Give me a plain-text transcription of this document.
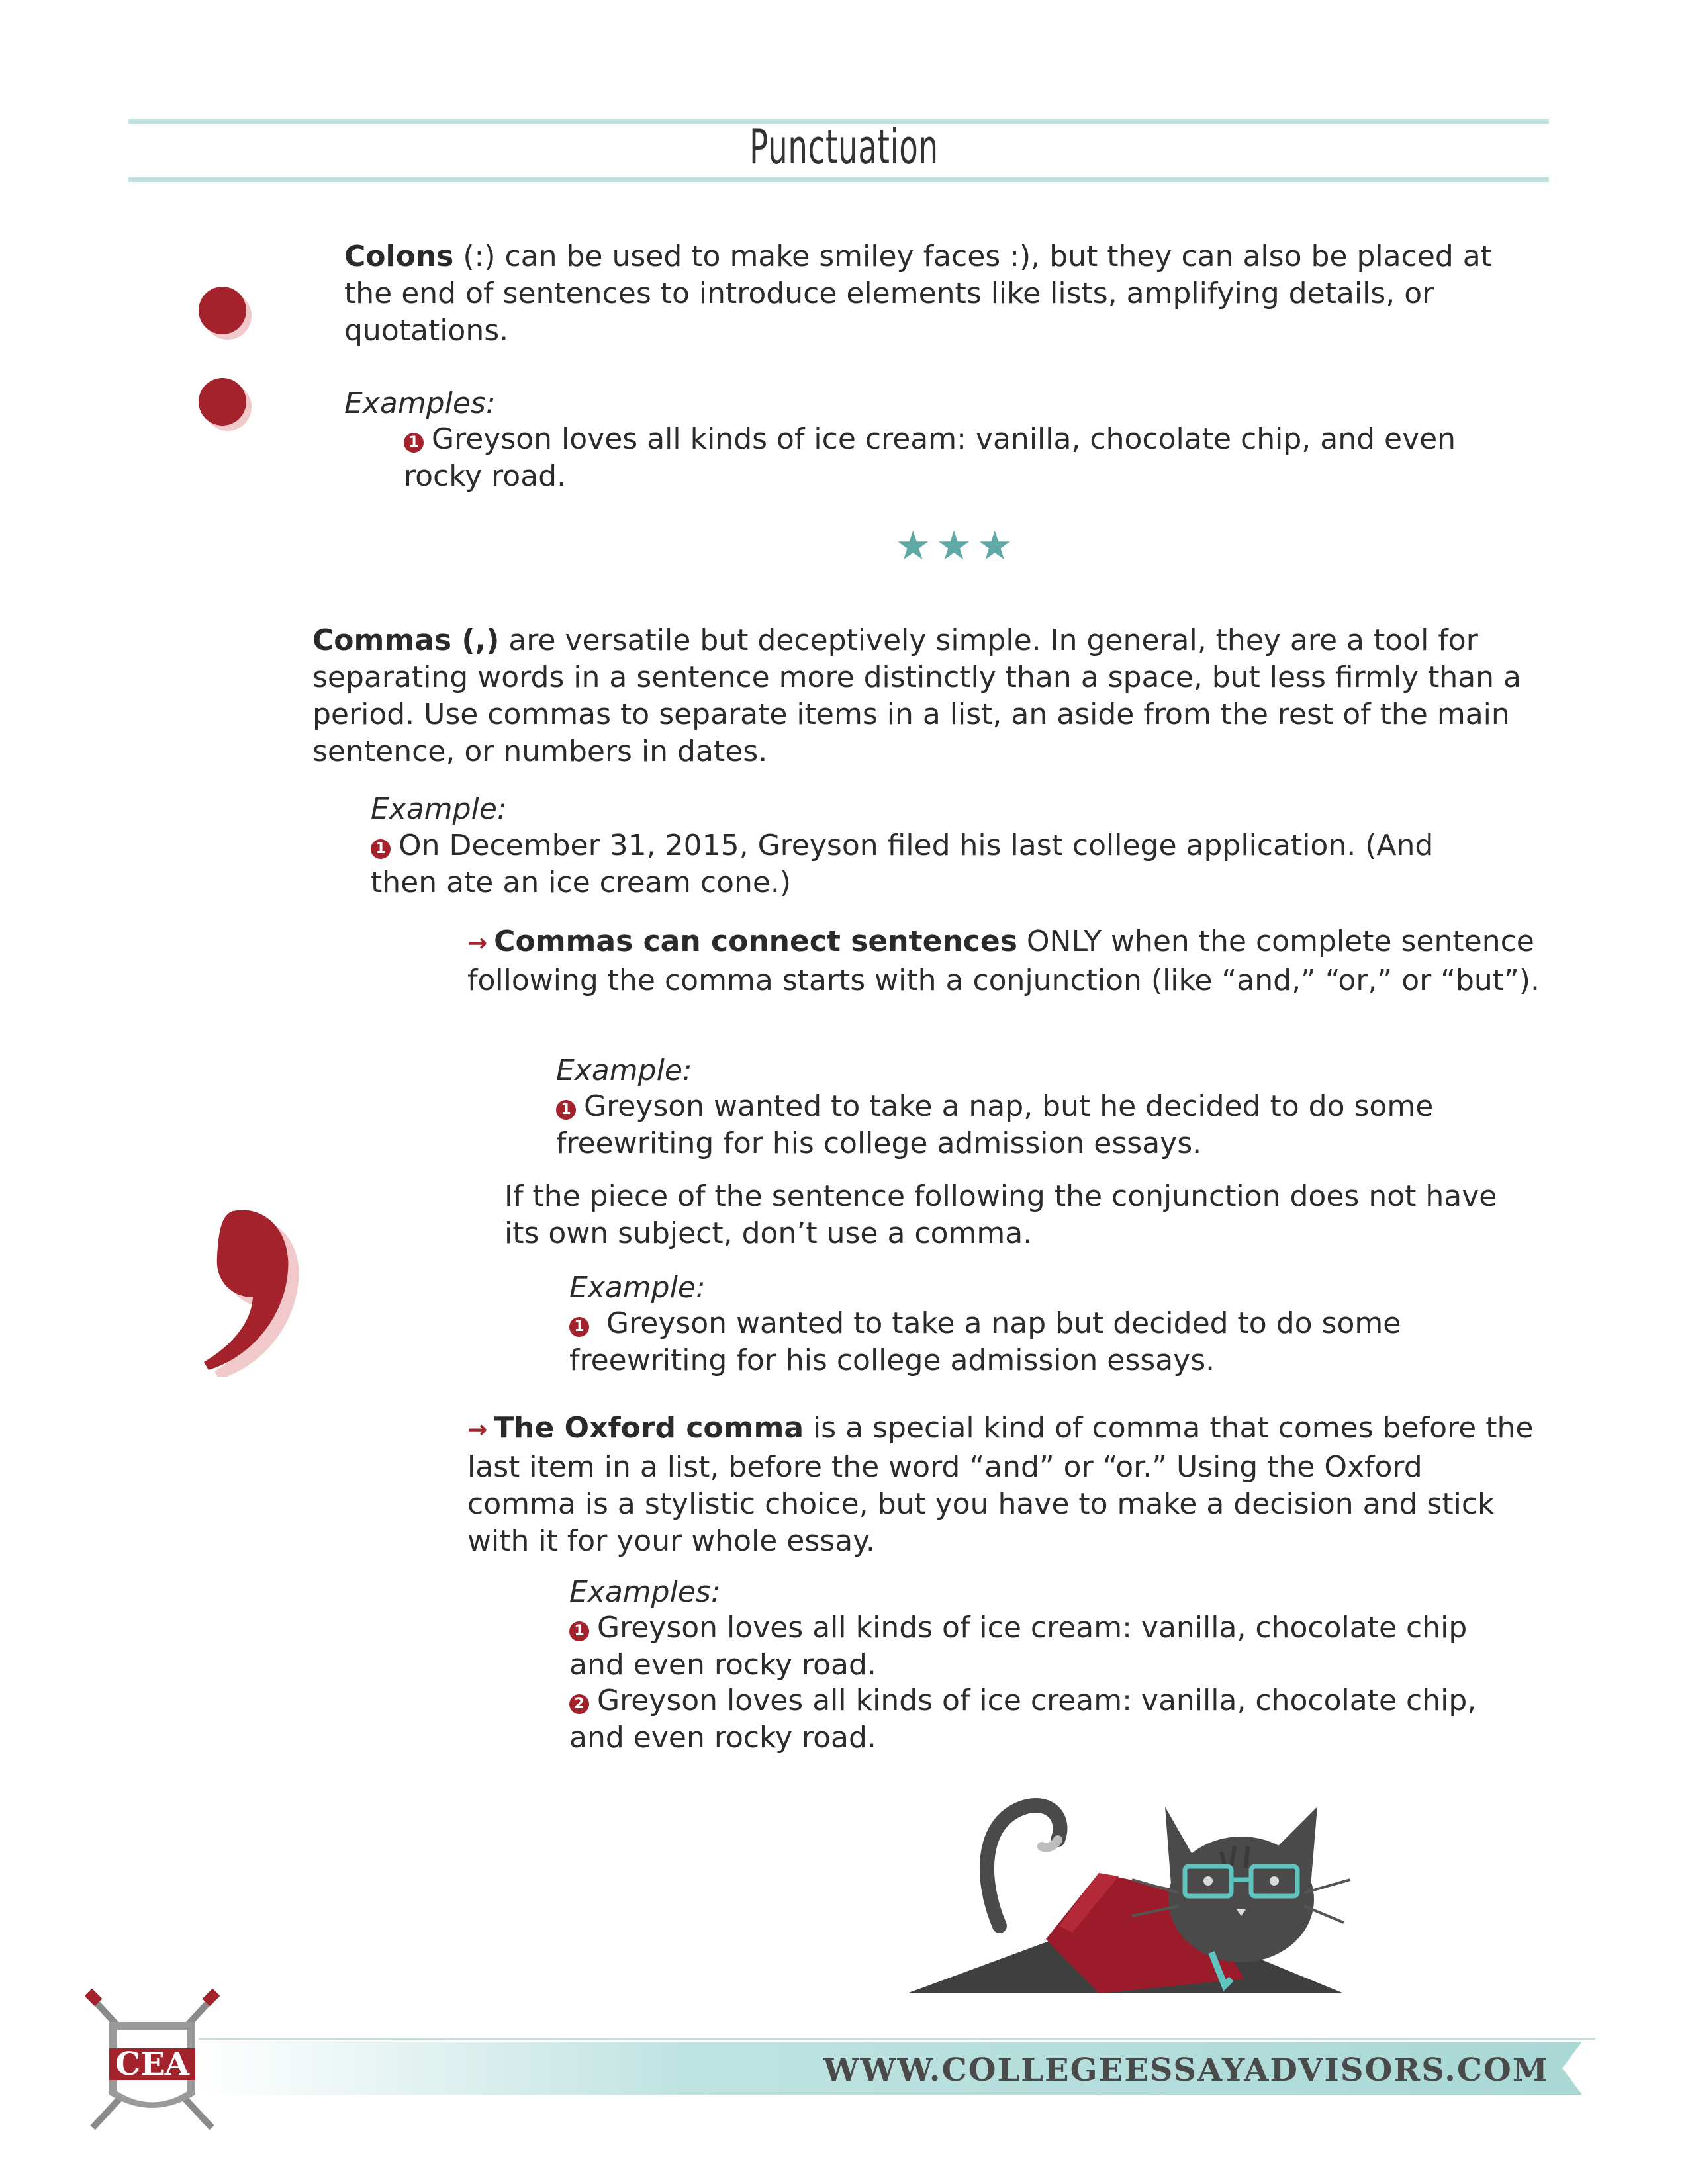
Punctuation
Colons (:) can be used to make smiley faces :), but they can also be placed at the end of sentences to introduce elements like lists, amplifying details, or quotations.
Examples:
1 Greyson loves all kinds of ice cream: vanilla, chocolate chip, and even rocky road.
★★★
Commas (,) are versatile but deceptively simple. In general, they are a tool for separating words in a sentence more distinctly than a space, but less firmly than a period. Use commas to separate items in a list, an aside from the rest of the main sentence, or numbers in dates.
Example:
1 On December 31, 2015, Greyson filed his last college application. (And then ate an ice cream cone.)
→ Commas can connect sentences ONLY when the complete sentence following the comma starts with a conjunction (like “and,” “or,” or “but”).
Example:
1 Greyson wanted to take a nap, but he decided to do some freewriting for his college admission essays.
If the piece of the sentence following the conjunction does not have its own subject, don’t use a comma.
Example:
1 Greyson wanted to take a nap but decided to do some freewriting for his college admission essays.
→ The Oxford comma is a special kind of comma that comes before the last item in a list, before the word “and” or “or.” Using the Oxford comma is a stylistic choice, but you have to make a decision and stick with it for your whole essay.
Examples:
1 Greyson loves all kinds of ice cream: vanilla, chocolate chip and even rocky road.
2 Greyson loves all kinds of ice cream: vanilla, chocolate chip, and even rocky road.
WWW.COLLEGEESSAYADVISORS.COM
CEA
